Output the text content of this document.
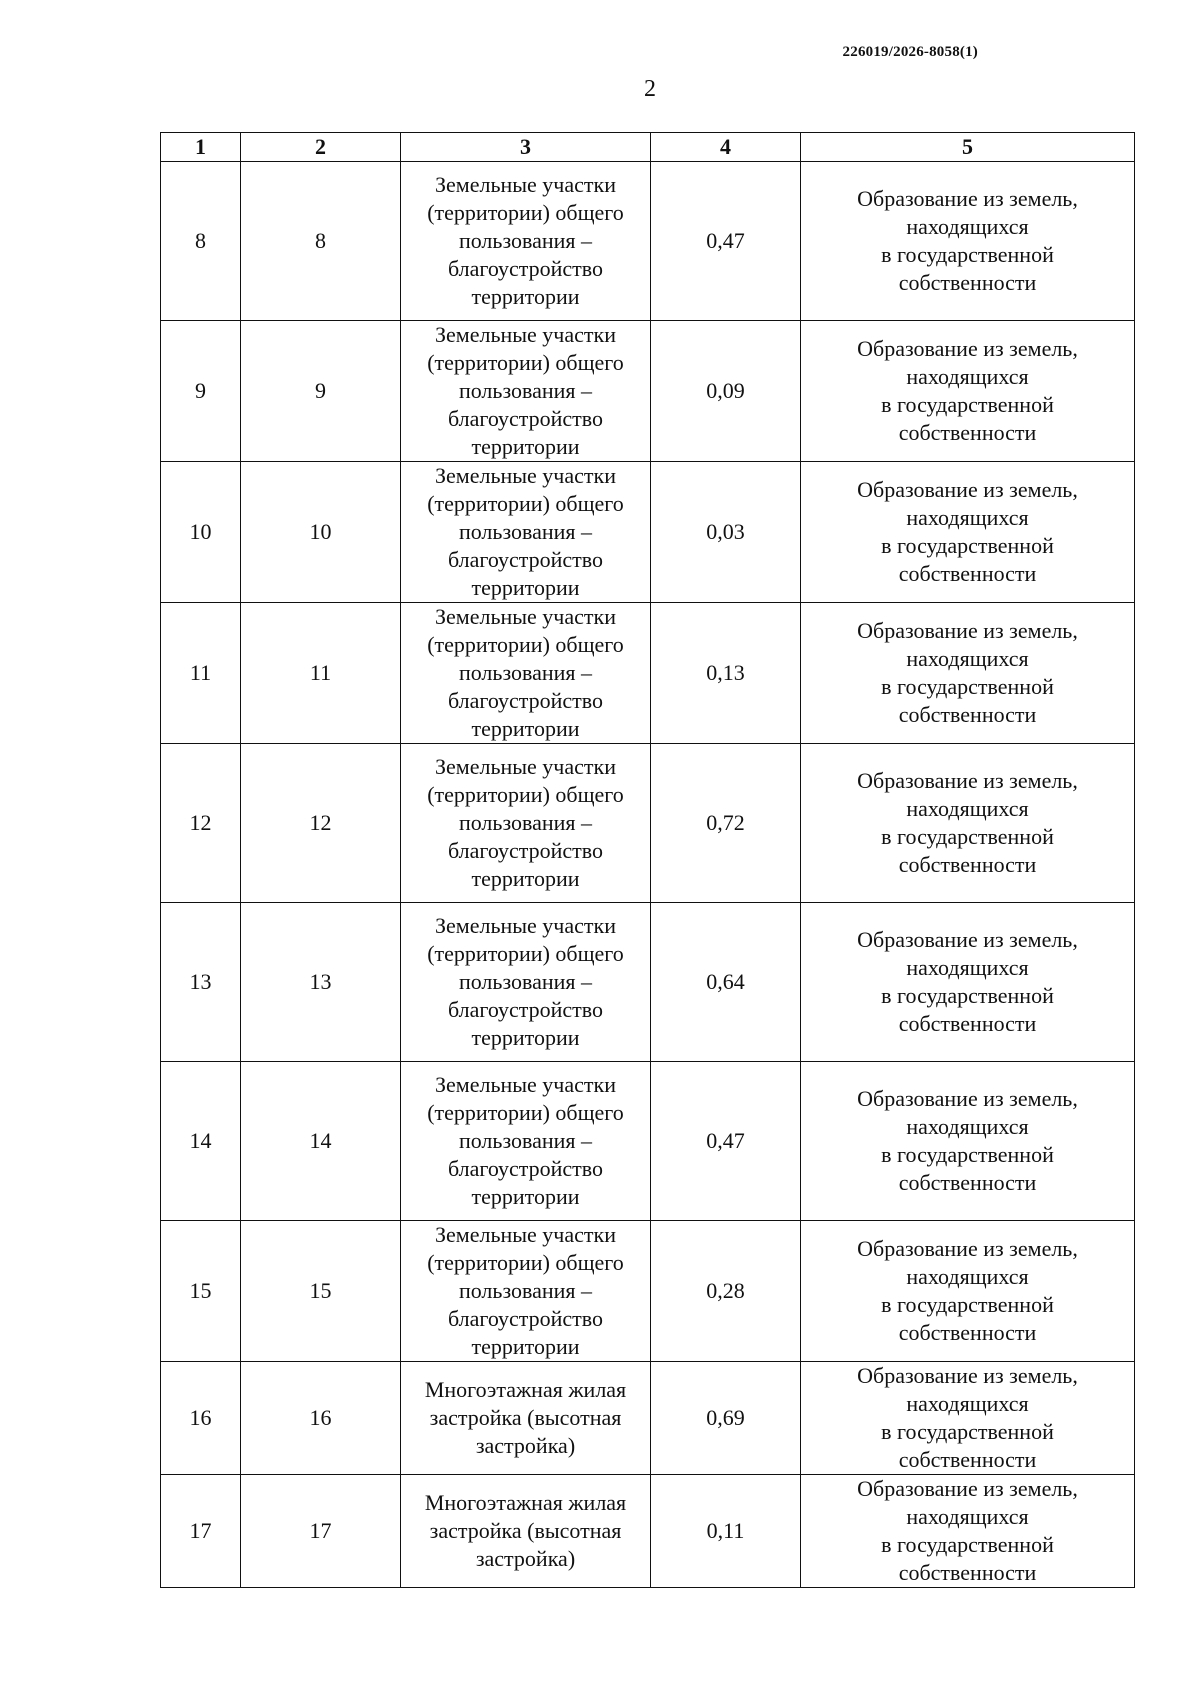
226019/2026-8058(1)
2
1	2	3	4	5
8	8	Земельные участки
(территории) общего
пользования –
благоустройство
территории	0,47	Образование из земель,
находящихся
в государственной
собственности

9	9	Земельные участки
(территории) общего
пользования –
благоустройство
территории	0,09	Образование из земель,
находящихся
в государственной
собственности

10	10	Земельные участки
(территории) общего
пользования –
благоустройство
территории	0,03	Образование из земель,
находящихся
в государственной
собственности

11	11	Земельные участки
(территории) общего
пользования –
благоустройство
территории	0,13	Образование из земель,
находящихся
в государственной
собственности

12	12	Земельные участки
(территории) общего
пользования –
благоустройство
территории	0,72	Образование из земель,
находящихся
в государственной
собственности

13	13	Земельные участки
(территории) общего
пользования –
благоустройство
территории	0,64	Образование из земель,
находящихся
в государственной
собственности

14	14	Земельные участки
(территории) общего
пользования –
благоустройство
территории	0,47	Образование из земель,
находящихся
в государственной
собственности

15	15	Земельные участки
(территории) общего
пользования –
благоустройство
территории	0,28	Образование из земель,
находящихся
в государственной
собственности

16	16	Многоэтажная жилая
застройка (высотная
застройка)	0,69	Образование из земель,
находящихся
в государственной
собственности

17	17	Многоэтажная жилая
застройка (высотная
застройка)	0,11	Образование из земель,
находящихся
в государственной
собственности
